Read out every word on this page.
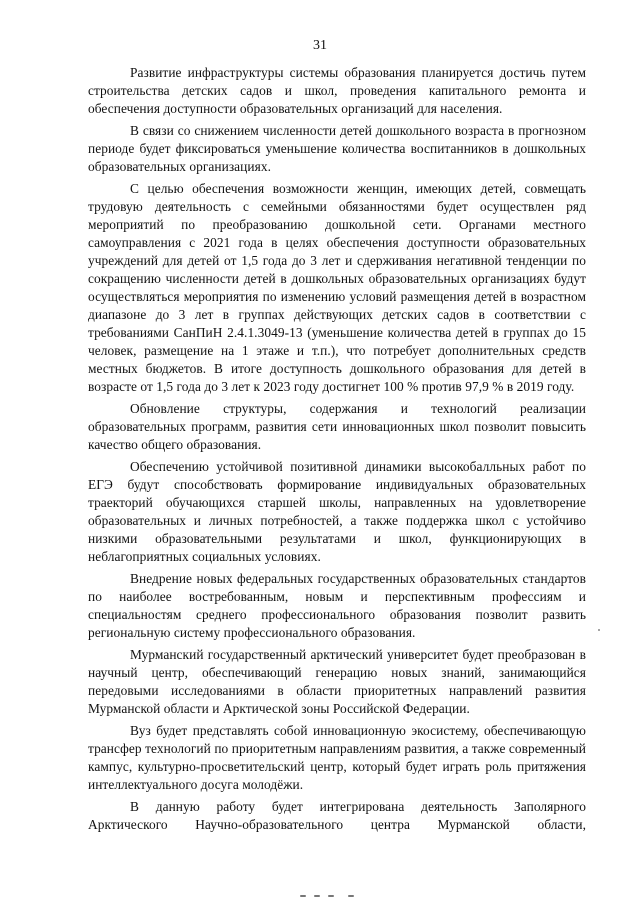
31

Развитие инфраструктуры системы образования планируется достичь путем строительства детских садов и школ, проведения капитального ремонта и обеспечения доступности образовательных организаций для населения.

В связи со снижением численности детей дошкольного возраста в прогнозном периоде будет фиксироваться уменьшение количества воспитанников в дошкольных образовательных организациях.

С целью обеспечения возможности женщин, имеющих детей, совмещать трудовую деятельность с семейными обязанностями будет осуществлен ряд мероприятий по преобразованию дошкольной сети. Органами местного самоуправления с 2021 года в целях обеспечения доступности образовательных учреждений для детей от 1,5 года до 3 лет и сдерживания негативной тенденции по сокращению численности детей в дошкольных образовательных организациях будут осуществляться мероприятия по изменению условий размещения детей в возрастном диапазоне до 3 лет в группах действующих детских садов в соответствии с требованиями СанПиН 2.4.1.3049-13 (уменьшение количества детей в группах до 15 человек, размещение на 1 этаже и т.п.), что потребует дополнительных средств местных бюджетов. В итоге доступность дошкольного образования для детей в возрасте от 1,5 года до 3 лет к 2023 году достигнет 100 % против 97,9 % в 2019 году.

Обновление структуры, содержания и технологий реализации образовательных программ, развития сети инновационных школ позволит повысить качество общего образования.

Обеспечению устойчивой позитивной динамики высокобалльных работ по ЕГЭ будут способствовать формирование индивидуальных образовательных траекторий обучающихся старшей школы, направленных на удовлетворение образовательных и личных потребностей, а также поддержка школ с устойчиво низкими образовательными результатами и школ, функционирующих в неблагоприятных социальных условиях.

Внедрение новых федеральных государственных образовательных стандартов по наиболее востребованным, новым и перспективным профессиям и специальностям среднего профессионального образования позволит развить региональную систему профессионального образования.

Мурманский государственный арктический университет будет преобразован в научный центр, обеспечивающий генерацию новых знаний, занимающийся передовыми исследованиями в области приоритетных направлений развития Мурманской области и Арктической зоны Российской Федерации.

Вуз будет представлять собой инновационную экосистему, обеспечивающую трансфер технологий по приоритетным направлениям развития, а также современный кампус, культурно-просветительский центр, который будет играть роль притяжения интеллектуального досуга молодёжи.

В данную работу будет интегрирована деятельность Заполярного Арктического Научно-образовательного центра Мурманской области,
